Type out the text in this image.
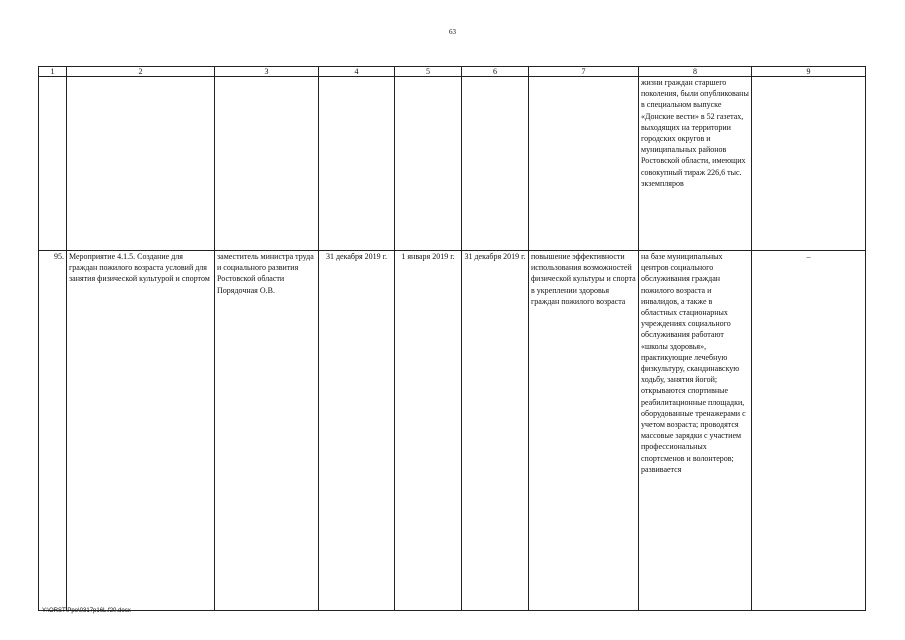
63
1	2	3	4	5	6	7	8	9
							жизни граждан старшего поколения, были опубликованы в специальном выпуске «Донские вести» в 52 газетах, выходящих на территории городских округов и муниципальных районов Ростовской области, имеющих совокупный тираж 226,6 тыс. экземпляров	
95.	Мероприятие 4.1.5. Создание для граждан пожилого возраста условий для занятия физической культурой и спортом	заместитель министра труда и социального развития Ростовской области Порядочная О.В.	31 декабря 2019 г.	1 января 2019 г.	31 декабря 2019 г.	повышение эффективности использования возможностей физической культуры и спорта в укреплении здоровья граждан пожилого возраста	на базе муниципальных центров социального обслуживания граждан пожилого возраста и инвалидов, а также в областных стационарных учреждениях социального обслуживания работают «школы здоровья», практикующие лечебную физкультуру, скандинавскую ходьбу, занятия йогой; открываются спортивные реабилитационные площадки, оборудованные тренажерами с учетом возраста; проводятся массовые зарядки с участием профессиональных спортсменов и волонтеров; развивается	–
Y:\ORST\Ppo\0317p16L.f20.docx
